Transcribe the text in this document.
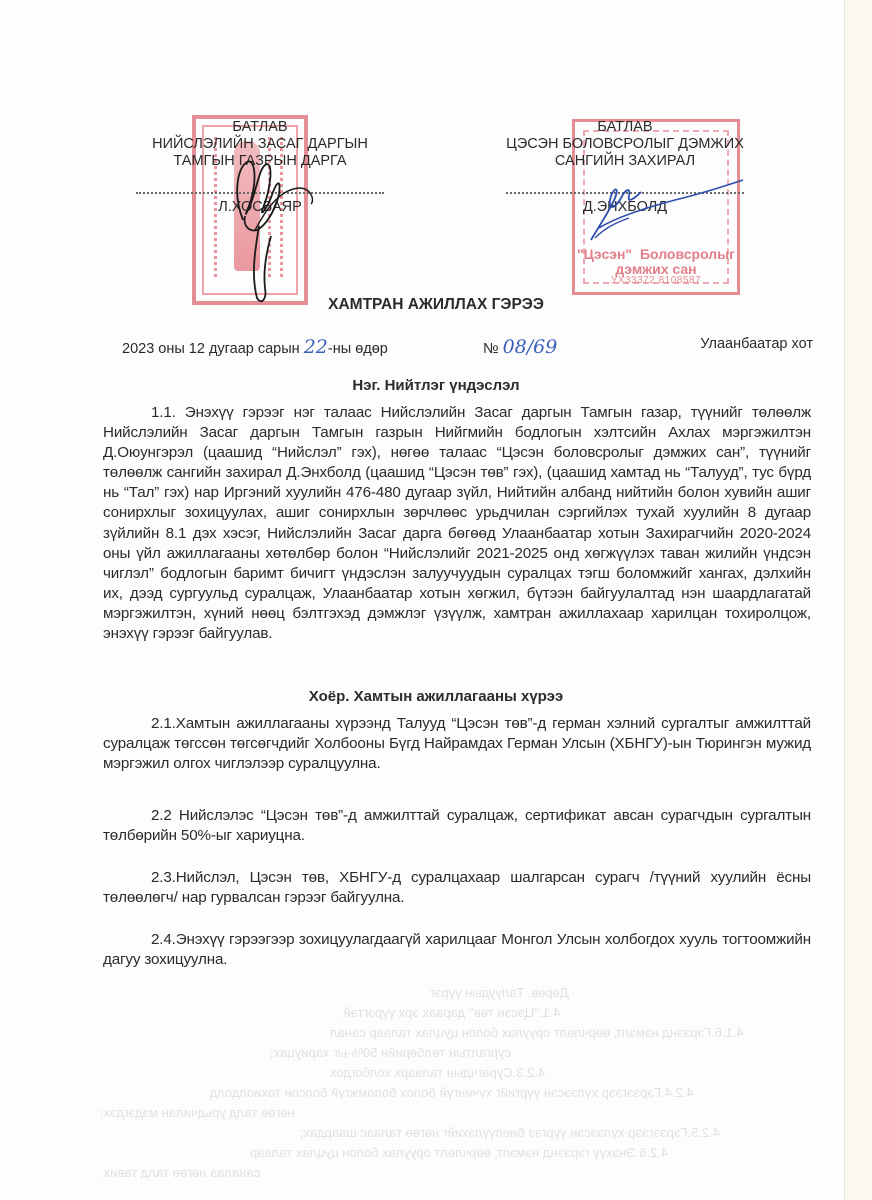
Дөрөв. Талуудын үүрэг
4.1."Цэсэн төв" дараах эрх үүрэгтэй.
4.1.6.Гэрээнд нэмэлт, өөрчлөлт оруулах болон цуцлах талаар санал
сургалтын төлбөрийн 50%-ыг хариуцах;
4.2.3.Сурагчдын талаарх холбогдох
4.2.4.Гэрээгээр хүлээсэн үүргийг хүчингүй болох боломжгүй болсон тохиолдолд
нөгөө талд урьдчилан мэдэгдэх;
4.2.5.Гэрээгээр хүлээсэн үүргээ биелүүлэхийг нөгөө талаас шаардах;
4.2.6.Энэхүү гэрээнд нэмэлт, өөрчлөлт оруулах болон цуцлах талаар
саналаа нөгөө талд тавих.
"Цэсэн" Боловсролыг дэмжих сан
УХ33372 8108587
БАТЛАВ
НИЙСЛЭЛИЙН ЗАСАГ ДАРГЫН
ТАМГЫН ГАЗРЫН ДАРГА
Л.ХОСБАЯР
БАТЛАВ
ЦЭСЭН БОЛОВСРОЛЫГ ДЭМЖИХ
САНГИЙН ЗАХИРАЛ
Д.ЭНХБОЛД
ХАМТРАН АЖИЛЛАХ ГЭРЭЭ
2023 оны 12 дугаар сарын 22-ны өдөр	№ 08/69	Улаанбаатар хот
Нэг. Нийтлэг үндэслэл
1.1. Энэхүү гэрээг нэг талаас Нийслэлийн Засаг даргын Тамгын газар, түүнийг төлөөлж Нийслэлийн Засаг даргын Тамгын газрын Нийгмийн бодлогын хэлтсийн Ахлах мэргэжилтэн Д.Оюунгэрэл (цаашид “Нийслэл” гэх), нөгөө талаас “Цэсэн боловсролыг дэмжих сан”, түүнийг төлөөлж сангийн захирал Д.Энхболд (цаашид “Цэсэн төв” гэх), (цаашид хамтад нь “Талууд”, тус бүрд нь “Тал” гэх) нар Иргэний хуулийн 476-480 дугаар зүйл, Нийтийн албанд нийтийн болон хувийн ашиг сонирхлыг зохицуулах, ашиг сонирхлын зөрчлөөс урьдчилан сэргийлэх тухай хуулийн 8 дугаар зүйлийн 8.1 дэх хэсэг, Нийслэлийн Засаг дарга бөгөөд Улаанбаатар хотын Захирагчийн 2020-2024 оны үйл ажиллагааны хөтөлбөр болон “Нийслэлийг 2021-2025 онд хөгжүүлэх таван жилийн үндсэн чиглэл” бодлогын баримт бичигт үндэслэн залуучуудын суралцах тэгш боломжийг хангах, дэлхийн их, дээд сургуульд суралцаж, Улаанбаатар хотын хөгжил, бүтээн байгуулалтад нэн шаардлагатай мэргэжилтэн, хүний нөөц бэлтгэхэд дэмжлэг үзүүлж, хамтран ажиллахаар харилцан тохиролцож, энэхүү гэрээг байгуулав.
Хоёр. Хамтын ажиллагааны хүрээ
2.1.Хамтын ажиллагааны хүрээнд Талууд “Цэсэн төв”-д герман хэлний сургалтыг амжилттай суралцаж төгссөн төгсөгчдийг Холбооны Бүгд Найрамдах Герман Улсын (ХБНГУ)-ын Тюрингэн мужид мэргэжил олгох чиглэлээр суралцуулна.
2.2 Нийслэлэс “Цэсэн төв”-д амжилттай суралцаж, сертификат авсан сурагчдын сургалтын төлбөрийн 50%-ыг хариуцна.
2.3.Нийслэл, Цэсэн төв, ХБНГУ-д суралцахаар шалгарсан сурагч /түүний хуулийн ёсны төлөөлөгч/ нар гурвалсан гэрээг байгуулна.
2.4.Энэхүү гэрээгээр зохицуулагдаагүй харилцааг Монгол Улсын холбогдох хууль тогтоомжийн дагуу зохицуулна.
